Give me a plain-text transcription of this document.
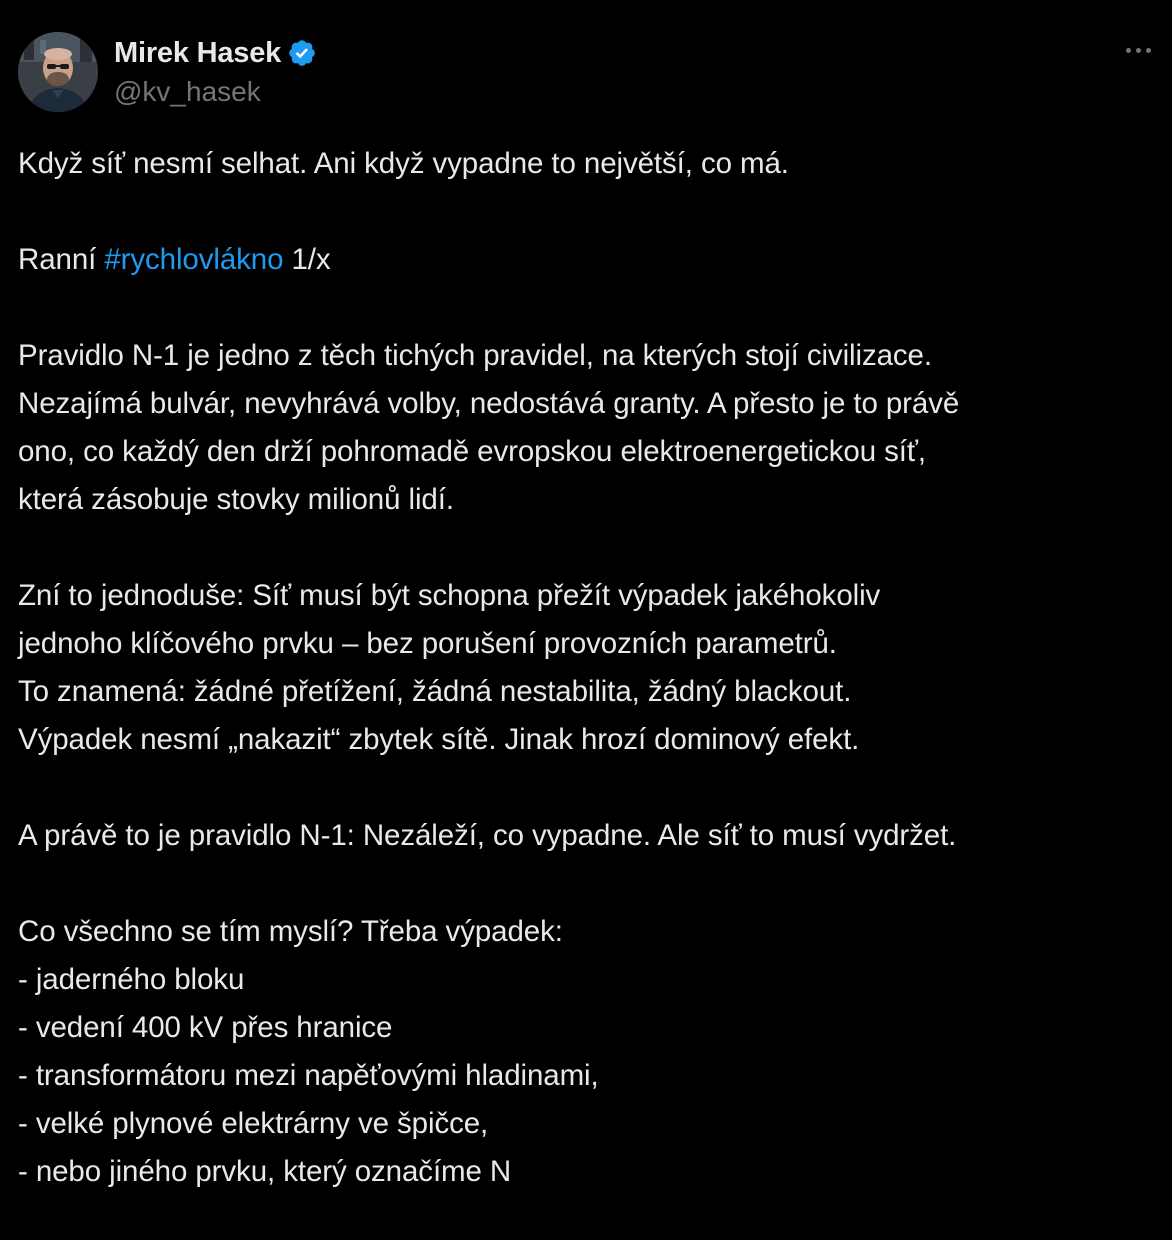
Mirek Hasek
@kv_hasek
Když síť nesmí selhat. Ani když vypadne to největší, co má.
Ranní #rychlovlákno 1/x
Pravidlo N-1 je jedno z těch tichých pravidel, na kterých stojí civilizace.
Nezajímá bulvár, nevyhrává volby, nedostává granty. A přesto je to právě
ono, co každý den drží pohromadě evropskou elektroenergetickou síť,
která zásobuje stovky milionů lidí.
Zní to jednoduše: Síť musí být schopna přežít výpadek jakéhokoliv
jednoho klíčového prvku – bez porušení provozních parametrů.
To znamená: žádné přetížení, žádná nestabilita, žádný blackout.
Výpadek nesmí „nakazit“ zbytek sítě. Jinak hrozí dominový efekt.
A právě to je pravidlo N-1: Nezáleží, co vypadne. Ale síť to musí vydržet.
Co všechno se tím myslí? Třeba výpadek:
- jaderného bloku
- vedení 400 kV přes hranice
- transformátoru mezi napěťovými hladinami,
- velké plynové elektrárny ve špičce,
- nebo jiného prvku, který označíme N
